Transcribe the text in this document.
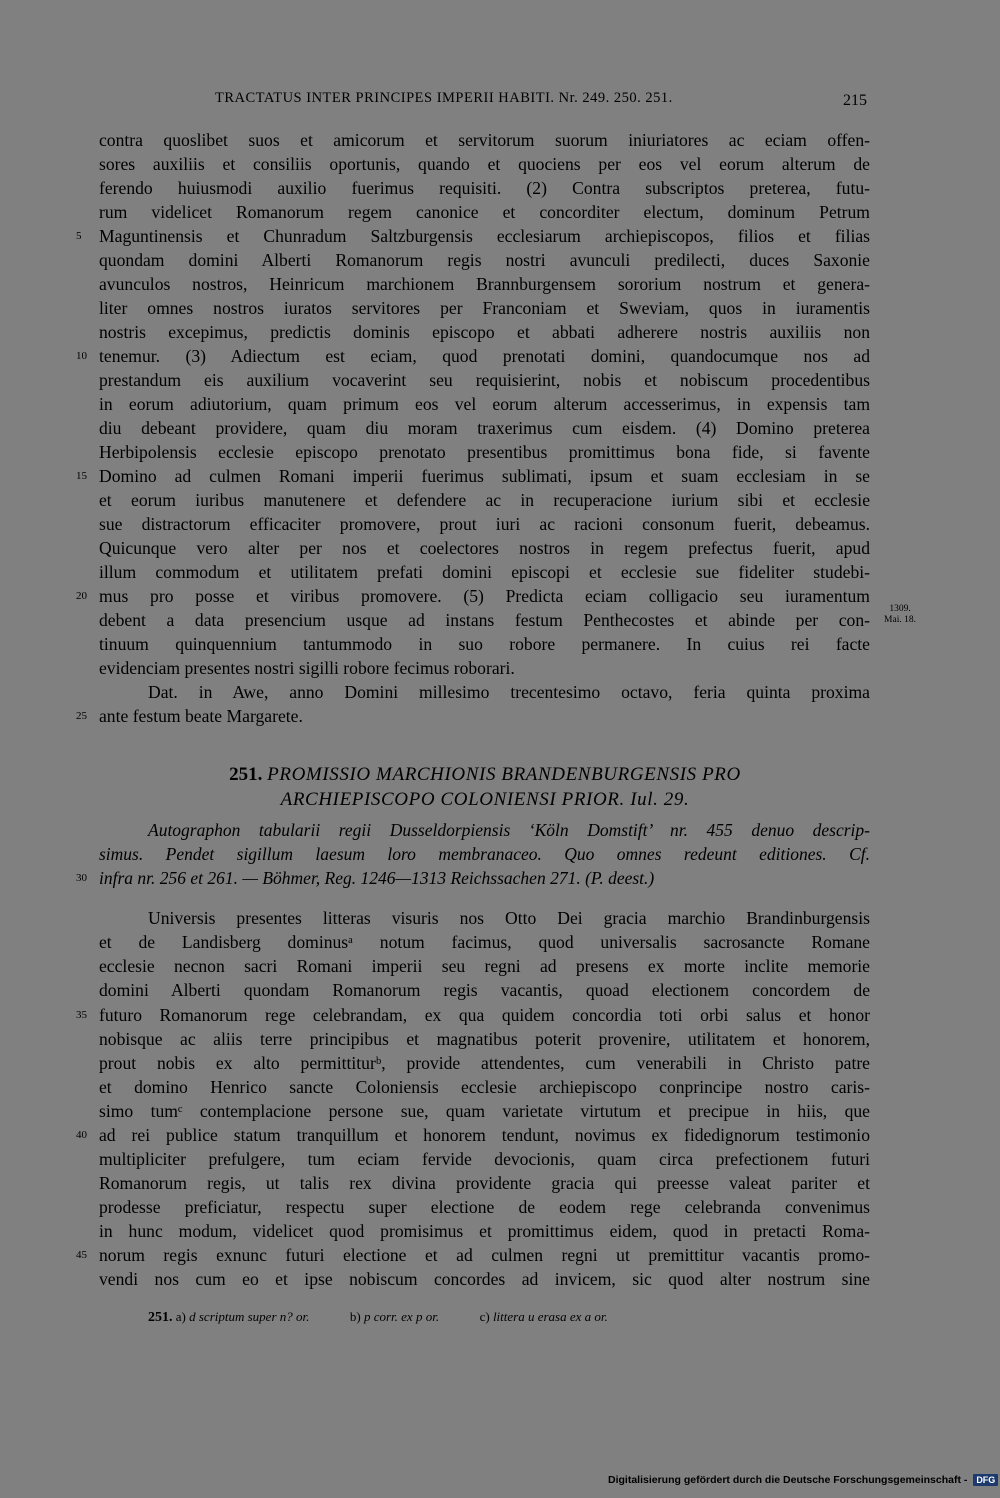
TRACTATUS INTER PRINCIPES IMPERII HABITI. Nr. 249. 250. 251.	215
contra quoslibet suos et amicorum et servitorum suorum iniuriatores ac eciam offen-
sores auxiliis et consiliis oportunis, quando et quociens per eos vel eorum alterum de
ferendo huiusmodi auxilio fuerimus requisiti. (2) Contra subscriptos preterea, futu-
rum videlicet Romanorum regem canonice et concorditer electum, dominum Petrum
Maguntinensis et Chunradum Saltzburgensis ecclesiarum archiepiscopos, filios et filias
quondam domini Alberti Romanorum regis nostri avunculi predilecti, duces Saxonie
avunculos nostros, Heinricum marchionem Brannburgensem sororium nostrum et genera-
liter omnes nostros iuratos servitores per Franconiam et Sweviam, quos in iuramentis
nostris excepimus, predictis dominis episcopo et abbati adherere nostris auxiliis non
tenemur. (3) Adiectum est eciam, quod prenotati domini, quandocumque nos ad
prestandum eis auxilium vocaverint seu requisierint, nobis et nobiscum procedentibus
in eorum adiutorium, quam primum eos vel eorum alterum accesserimus, in expensis tam
diu debeant providere, quam diu moram traxerimus cum eisdem. (4) Domino preterea
Herbipolensis ecclesie episcopo prenotato presentibus promittimus bona fide, si favente
Domino ad culmen Romani imperii fuerimus sublimati, ipsum et suam ecclesiam in se
et eorum iuribus manutenere et defendere ac in recuperacione iurium sibi et ecclesie
sue distractorum efficaciter promovere, prout iuri ac racioni consonum fuerit, debeamus.
Quicunque vero alter per nos et coelectores nostros in regem prefectus fuerit, apud
illum commodum et utilitatem prefati domini episcopi et ecclesie sue fideliter studebi-
mus pro posse et viribus promovere. (5) Predicta eciam colligacio seu iuramentum
debent a data presencium usque ad instans festum Penthecostes et abinde per con-
tinuum quinquennium tantummodo in suo robore permanere. In cuius rei facte
evidenciam presentes nostri sigilli robore fecimus roborari.
Dat. in Awe, anno Domini millesimo trecentesimo octavo, feria quinta proxima
ante festum beate Margarete.
1309.
Mai. 18.
5
10
15
20
25
30
35
40
45
251. PROMISSIO MARCHIONIS BRANDENBURGENSIS PRO
ARCHIEPISCOPO COLONIENSI PRIOR. Iul. 29.
Autographon tabularii regii Dusseldorpiensis ‘Köln Domstift’ nr. 455 denuo descrip-
simus. Pendet sigillum laesum loro membranaceo. Quo omnes redeunt editiones. Cf.
infra nr. 256 et 261. — Böhmer, Reg. 1246—1313 Reichssachen 271. (P. deest.)
Universis presentes litteras visuris nos Otto Dei gracia marchio Brandinburgensis
et de Landisberg dominusᵃ notum facimus, quod universalis sacrosancte Romane
ecclesie necnon sacri Romani imperii seu regni ad presens ex morte inclite memorie
domini Alberti quondam Romanorum regis vacantis, quoad electionem concordem de
futuro Romanorum rege celebrandam, ex qua quidem concordia toti orbi salus et honor
nobisque ac aliis terre principibus et magnatibus poterit provenire, utilitatem et honorem,
prout nobis ex alto permittiturᵇ, provide attendentes, cum venerabili in Christo patre
et domino Henrico sancte Coloniensis ecclesie archiepiscopo conprincipe nostro caris-
simo tumᶜ contemplacione persone sue, quam varietate virtutum et precipue in hiis, que
ad rei publice statum tranquillum et honorem tendunt, novimus ex fidedignorum testimonio
multipliciter prefulgere, tum eciam fervide devocionis, quam circa prefectionem futuri
Romanorum regis, ut talis rex divina providente gracia qui preesse valeat pariter et
prodesse preficiatur, respectu super electione de eodem rege celebranda convenimus
in hunc modum, videlicet quod promisimus et promittimus eidem, quod in pretacti Roma-
norum regis exnunc futuri electione et ad culmen regni ut premittitur vacantis promo-
vendi nos cum eo et ipse nobiscum concordes ad invicem, sic quod alter nostrum sine
251. a) d scriptum super n? or.	b) p corr. ex p or.	c) littera u erasa ex a or.
Digitalisierung gefördert durch die Deutsche Forschungsgemeinschaft - DFG
